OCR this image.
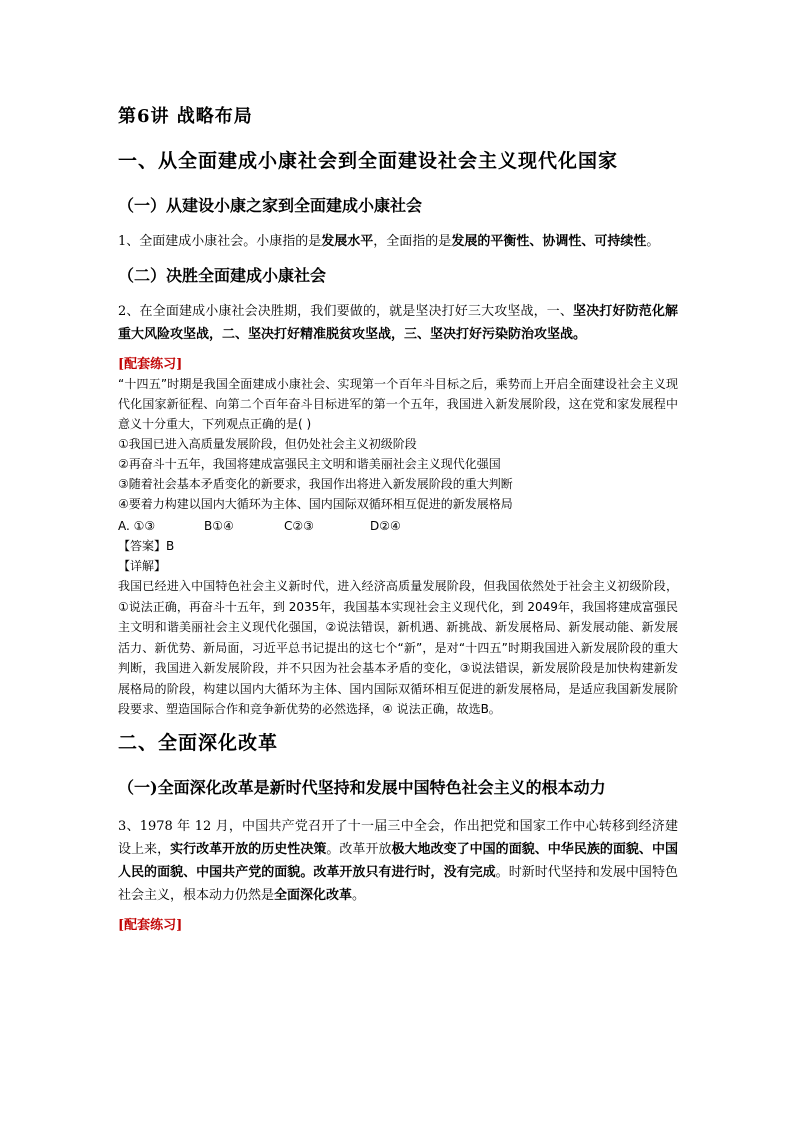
第6讲 战略布局
一、从全面建成小康社会到全面建设社会主义现代化国家
（一）从建设小康之家到全面建成小康社会

1、全面建成小康社会。小康指的是发展水平，全面指的是发展的平衡性、协调性、可持续性。

（二）决胜全面建成小康社会

2、在全面建成小康社会决胜期，我们要做的，就是坚决打好三大攻坚战，一、坚决打好防范化解重大风险攻坚战，二、坚决打好精准脱贫攻坚战，三、坚决打好污染防治攻坚战。

[配套练习]

“十四五”时期是我国全面建成小康社会、实现第一个百年斗目标之后，乘势而上开启全面建设社会主义现代化国家新征程、向第二个百年奋斗目标进军的第一个五年，我国进入新发展阶段，这在党和家发展程中意义十分重大，下列观点正确的是( )

①我国已进入高质量发展阶段，但仍处社会主义初级阶段

②再奋斗十五年，我国将建成富强民主文明和谐美丽社会主义现代化强国

③随着社会基本矛盾变化的新要求，我国作出将进入新发展阶段的重大判断

④要着力构建以国内大循环为主体、国内国际双循环相互促进的新发展格局

A. ①③	B①④	C②③	D②④

【答案】B

【详解】

我国已经进入中国特色社会主义新时代，进入经济高质量发展阶段，但我国依然处于社会主义初级阶段，①说法正确，再奋斗十五年，到 2035年，我国基本实现社会主义现代化，到 2049年，我国将建成富强民主文明和谐美丽社会主义现代化强国，②说法错误，新机遇、新挑战、新发展格局、新发展动能、新发展活力、新优势、新局面，习近平总书记提出的这七个“新”，是对“十四五”时期我国进入新发展阶段的重大判断，我国进入新发展阶段，并不只因为社会基本矛盾的变化，③说法错误，新发展阶段是加快构建新发展格局的阶段，构建以国内大循环为主体、国内国际双循环相互促进的新发展格局，是适应我国新发展阶段要求、塑造国际合作和竞争新优势的必然选择，④ 说法正确，故选B。

二、全面深化改革
（一)全面深化改革是新时代坚持和发展中国特色社会主义的根本动力

3、1978 年 12 月，中国共产党召开了十一届三中全会，作出把党和国家工作中心转移到经济建设上来，实行改革开放的历史性决策。改革开放极大地改变了中国的面貌、中华民族的面貌、中国人民的面貌、中国共产党的面貌。改革开放只有进行时，没有完成。时新时代坚持和发展中国特色社会主义，根本动力仍然是全面深化改革。

[配套练习]
